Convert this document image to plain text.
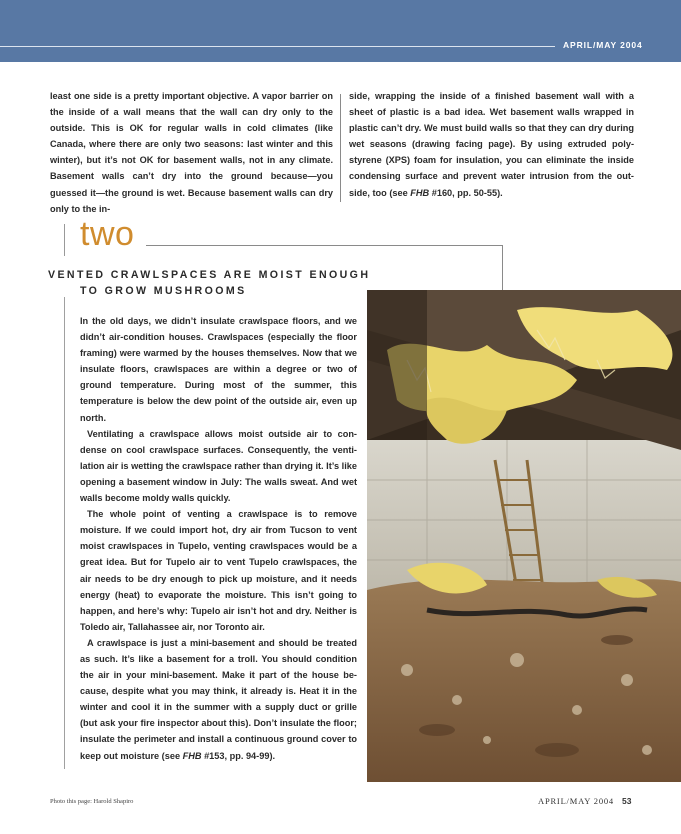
APRIL/MAY 2004
least one side is a pretty important objective. A vapor barrier on the inside of a wall means that the wall can dry only to the outside. This is OK for regular walls in cold climates (like Canada, where there are only two seasons: last winter and this winter), but it’s not OK for basement walls, not in any climate. Basement walls can’t dry into the ground because—you guessed it—the ground is wet. Because basement walls can dry only to the in-
side, wrapping the inside of a finished basement wall with a sheet of plastic is a bad idea. Wet basement walls wrapped in plastic can’t dry. We must build walls so that they can dry during wet seasons (drawing facing page). By using extruded poly-styrene (XPS) foam for insulation, you can eliminate the inside condensing surface and prevent water intrusion from the out-side, too (see FHB #160, pp. 50-55).
two
VENTED CRAWLSPACES ARE MOIST ENOUGH
TO GROW MUSHROOMS

In the old days, we didn’t insulate crawlspace floors, and we didn’t air-condition houses. Crawlspaces (especially the floor framing) were warmed by the houses themselves. Now that we insulate floors, crawlspaces are within a degree or two of ground temperature. During most of the summer, this temperature is below the dew point of the outside air, even up north.

Ventilating a crawlspace allows moist outside air to con-dense on cool crawlspace surfaces. Consequently, the venti-lation air is wetting the crawlspace rather than drying it. It’s like opening a basement window in July: The walls sweat. And wet walls become moldy walls quickly.

The whole point of venting a crawlspace is to remove moisture. If we could import hot, dry air from Tucson to vent moist crawlspaces in Tupelo, venting crawlspaces would be a great idea. But for Tupelo air to vent Tupelo crawlspaces, the air needs to be dry enough to pick up moisture, and it needs energy (heat) to evaporate the moisture. This isn’t going to happen, and here’s why: Tupelo air isn’t hot and dry. Neither is Toledo air, Tallahassee air, nor Toronto air.

A crawlspace is just a mini-basement and should be treated as such. It’s like a basement for a troll. You should condition the air in your mini-basement. Make it part of the house be-cause, despite what you may think, it already is. Heat it in the winter and cool it in the summer with a supply duct or grille (but ask your fire inspector about this). Don’t insulate the floor; insulate the perimeter and install a continuous ground cover to keep out moisture (see FHB #153, pp. 94-99).

Photo this page: Harold Shapiro	APRIL/MAY 2004 53
